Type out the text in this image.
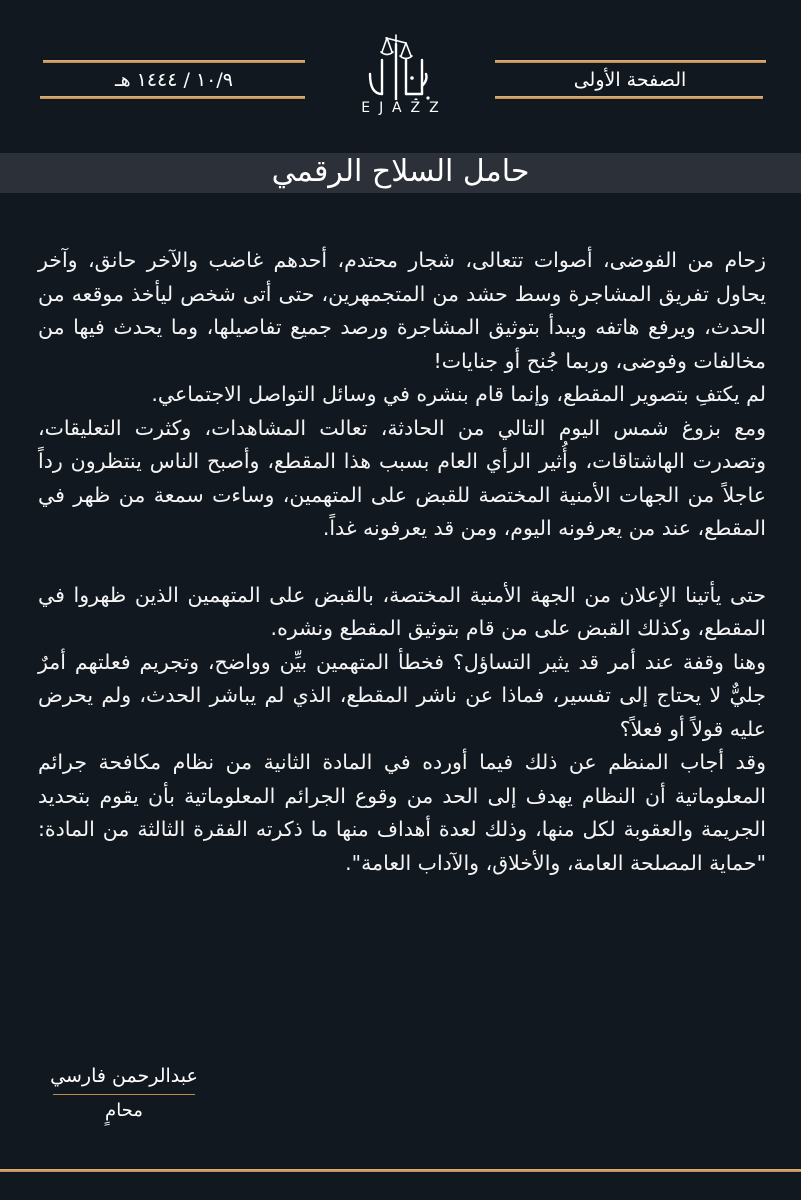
١٠/٩ / ١٤٤٤ هـ	الصفحة الأولى
EJAZZ
حامل السلاح الرقمي

زحام من الفوضى، أصوات تتعالى، شجار محتدم، أحدهم غاضب والآخر حانق، وآخر يحاول تفريق المشاجرة وسط حشد من المتجمهرين، حتى أتى شخص ليأخذ موقعه من الحدث، ويرفع هاتفه ويبدأ بتوثيق المشاجرة ورصد جميع تفاصيلها، وما يحدث فيها من مخالفات وفوضى، وربما جُنح أو جنايات!

لم يكتفِ بتصوير المقطع، وإنما قام بنشره في وسائل التواصل الاجتماعي.

ومع بزوغ شمس اليوم التالي من الحادثة، تعالت المشاهدات، وكثرت التعليقات، وتصدرت الهاشتاقات، وأُثير الرأي العام بسبب هذا المقطع، وأصبح الناس ينتظرون رداً عاجلاً من الجهات الأمنية المختصة للقبض على المتهمين، وساءت سمعة من ظهر في المقطع، عند من يعرفونه اليوم، ومن قد يعرفونه غداً.

حتى يأتينا الإعلان من الجهة الأمنية المختصة، بالقبض على المتهمين الذين ظهروا في المقطع، وكذلك القبض على من قام بتوثيق المقطع ونشره.

وهنا وقفة عند أمر قد يثير التساؤل؟ فخطأ المتهمين بيِّن وواضح، وتجريم فعلتهم أمرٌ جليٌّ لا يحتاج إلى تفسير، فماذا عن ناشر المقطع، الذي لم يباشر الحدث، ولم يحرض عليه قولاً أو فعلاً؟

وقد أجاب المنظم عن ذلك فيما أورده في المادة الثانية من نظام مكافحة جرائم المعلوماتية أن النظام يهدف إلى الحد من وقوع الجرائم المعلوماتية بأن يقوم بتحديد الجريمة والعقوبة لكل منها، وذلك لعدة أهداف منها ما ذكرته الفقرة الثالثة من المادة: "حماية المصلحة العامة، والأخلاق، والآداب العامة".

عبدالرحمن فارسي
محامٍ
